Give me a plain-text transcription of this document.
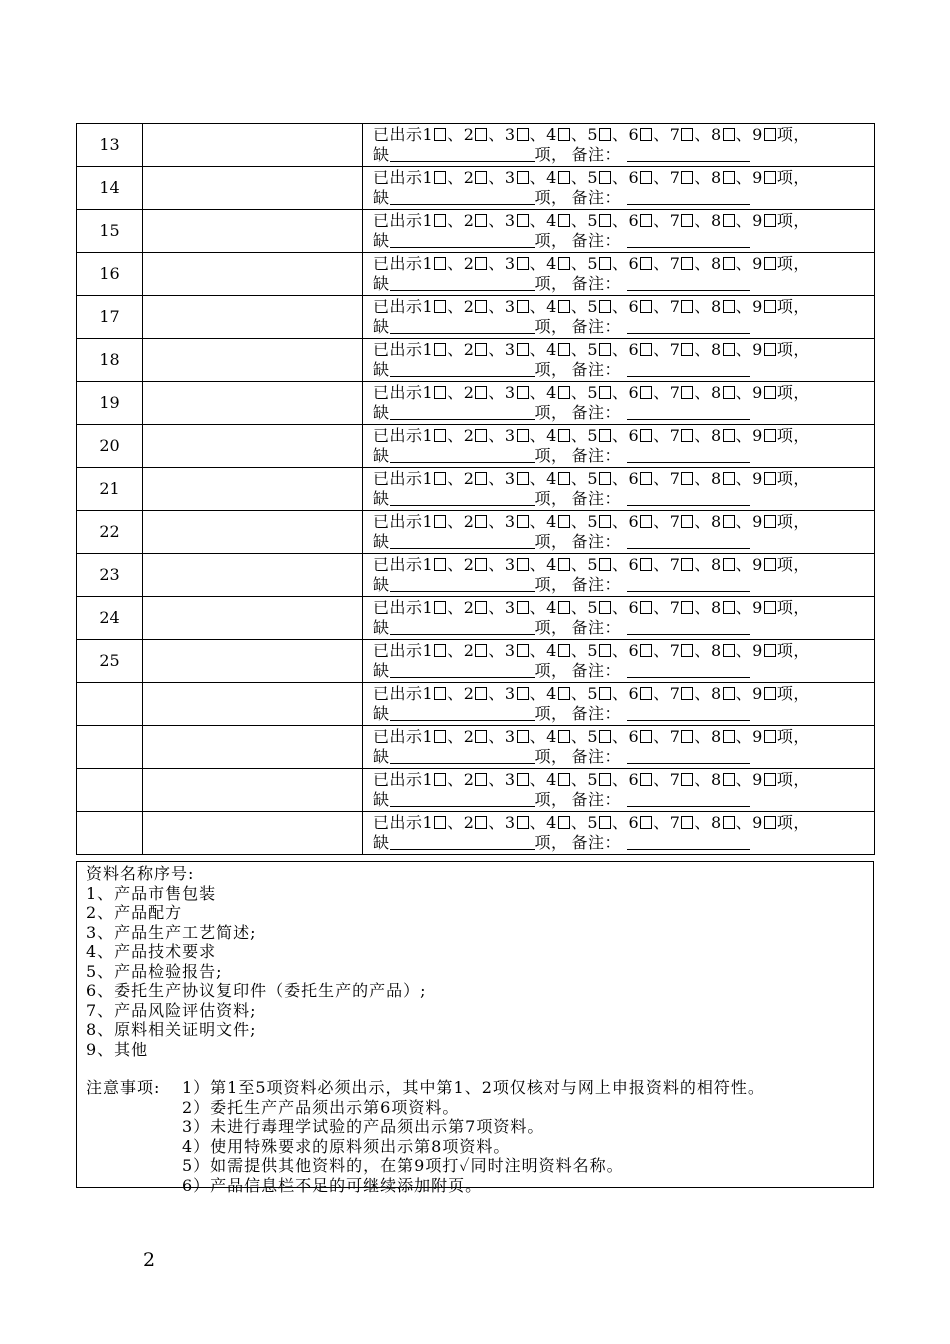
13		已出示1 、2 、3 、4 、5 、6 、7 、8 、9 项，
缺 项， 备注：

14		已出示1 、2 、3 、4 、5 、6 、7 、8 、9 项，
缺 项， 备注：

15		已出示1 、2 、3 、4 、5 、6 、7 、8 、9 项，
缺 项， 备注：

16		已出示1 、2 、3 、4 、5 、6 、7 、8 、9 项，
缺 项， 备注：

17		已出示1 、2 、3 、4 、5 、6 、7 、8 、9 项，
缺 项， 备注：

18		已出示1 、2 、3 、4 、5 、6 、7 、8 、9 项，
缺 项， 备注：

19		已出示1 、2 、3 、4 、5 、6 、7 、8 、9 项，
缺 项， 备注：

20		已出示1 、2 、3 、4 、5 、6 、7 、8 、9 项，
缺 项， 备注：

21		已出示1 、2 、3 、4 、5 、6 、7 、8 、9 项，
缺 项， 备注：

22		已出示1 、2 、3 、4 、5 、6 、7 、8 、9 项，
缺 项， 备注：

23		已出示1 、2 、3 、4 、5 、6 、7 、8 、9 项，
缺 项， 备注：

24		已出示1 、2 、3 、4 、5 、6 、7 、8 、9 项，
缺 项， 备注：

25		已出示1 、2 、3 、4 、5 、6 、7 、8 、9 项，
缺 项， 备注：

		已出示1 、2 、3 、4 、5 、6 、7 、8 、9 项，
缺 项， 备注：

		已出示1 、2 、3 、4 、5 、6 、7 、8 、9 项，
缺 项， 备注：

		已出示1 、2 、3 、4 、5 、6 、7 、8 、9 项，
缺 项， 备注：

		已出示1 、2 、3 、4 、5 、6 、7 、8 、9 项，
缺 项， 备注：
资料名称序号:
1、产品市售包装
2、产品配方
3、产品生产工艺简述;
4、产品技术要求
5、产品检验报告;
6、委托生产协议复印件（委托生产的产品）;
7、产品风险评估资料;
8、原料相关证明文件;
9、其他
注意事项:	1）第1至5项资料必须出示，其中第1、2项仅核对与网上申报资料的相符性。
2）委托生产产品须出示第6项资料。
3）未进行毒理学试验的产品须出示第7项资料。
4）使用特殊要求的原料须出示第8项资料。
5）如需提供其他资料的，在第9项打✓同时注明资料名称。
6）产品信息栏不足的可继续添加附页。
2
